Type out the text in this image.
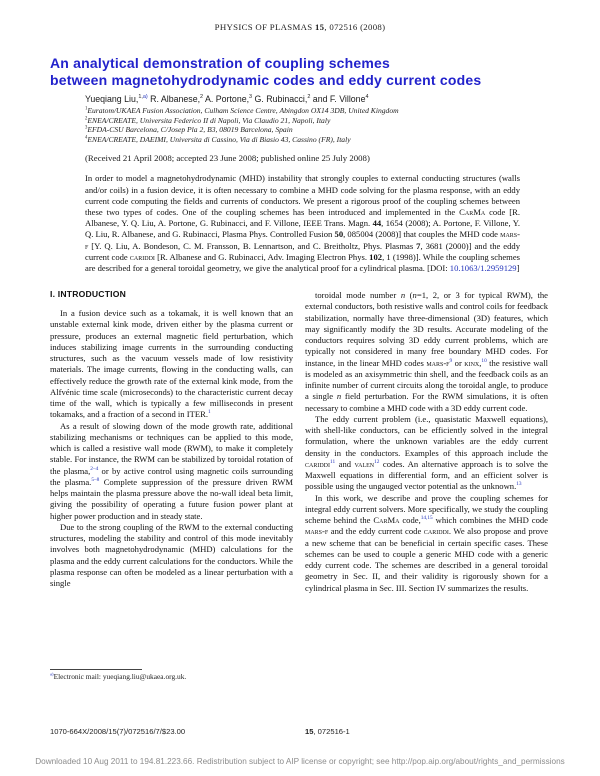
PHYSICS OF PLASMAS 15, 072516 (2008)
An analytical demonstration of coupling schemes
between magnetohydrodynamic codes and eddy current codes
Yueqiang Liu,$^{1,a)}$ R. Albanese,$^2$ A. Portone,$^3$ G. Rubinacci,$^2$ and F. Villone$^4$
$^1$Euratom/UKAEA Fusion Association, Culham Science Centre, Abingdon OX14 3DB, United Kingdom
$^2$ENEA/CREATE, Universita Federico II di Napoli, Via Claudio 21, Napoli, Italy
$^3$EFDA-CSU Barcelona, C/Josep Pla 2, B3, 08019 Barcelona, Spain
$^4$ENEA/CREATE, DAEIMI, Universita di Cassino, Via di Biasio 43, Cassino (FR), Italy
(Received 21 April 2008; accepted 23 June 2008; published online 25 July 2008)
In order to model a magnetohydrodynamic (MHD) instability that strongly couples to external conducting structures (walls and/or coils) in a fusion device, it is often necessary to combine a MHD code solving for the plasma response, with an eddy current code computing the fields and currents of conductors. We present a rigorous proof of the coupling schemes between these two types of codes. One of the coupling schemes has been introduced and implemented in the CarMa code [R. Albanese, Y. Q. Liu, A. Portone, G. Rubinacci, and F. Villone, IEEE Trans. Magn. 44, 1654 (2008); A. Portone, F. Villone, Y. Q. Liu, R. Albanese, and G. Rubinacci, Plasma Phys. Controlled Fusion 50, 085004 (2008)] that couples the MHD code mars-f [Y. Q. Liu, A. Bondeson, C. M. Fransson, B. Lennartson, and C. Breitholtz, Phys. Plasmas 7, 3681 (2000)] and the eddy current code cariddi [R. Albanese and G. Rubinacci, Adv. Imaging Electron Phys. 102, 1 (1998)]. While the coupling schemes are described for a general toroidal geometry, we give the analytical proof for a cylindrical plasma. [DOI: 10.1063/1.2959129]
I. INTRODUCTION

In a fusion device such as a tokamak, it is well known that an unstable external kink mode, driven either by the plasma current or pressure, produces an external magnetic field perturbation, which induces stabilizing image currents in the surrounding conducting structures, such as the vacuum vessels made of low resistivity materials. The image currents, flowing in the conducting walls, can effectively reduce the growth rate of the external kink mode, from the Alfvénic time scale (microseconds) to the characteristic current decay time of the wall, which is typically a few milliseconds in present tokamaks, and a fraction of a second in ITER.$^1$

As a result of slowing down of the mode growth rate, additional stabilizing mechanisms or techniques can be applied to this mode, which is called a resistive wall mode (RWM), to make it completely stable. For instance, the RWM can be stabilized by toroidal rotation of the plasma,$^{2-4}$ or by active control using magnetic coils surrounding the plasma.$^{5-8}$ Complete suppression of the pressure driven RWM helps maintain the plasma pressure above the no-wall ideal beta limit, giving the possibility of operating a future fusion power plant at higher power production and in steady state.

Due to the strong coupling of the RWM to the external conducting structures, modeling the stability and control of this mode inevitably involves both magnetohydrodynamic (MHD) calculations for the plasma and the eddy current calculations for the conductors. While the plasma response can often be modeled as a linear perturbation with a single

$^{a)}$Electronic mail: yueqiang.liu@ukaea.org.uk.

toroidal mode number n (n=1, 2, or 3 for typical RWM), the external conductors, both resistive walls and control coils for feedback stabilization, normally have three-dimensional (3D) features, which may significantly modify the 3D results. Accurate modeling of the conductors requires solving 3D eddy current problems, which are typically not considered in many free boundary MHD codes. For instance, in the linear MHD codes mars-$f^9$ or kinx,$^{10}$ the resistive wall is modeled as an axisymmetric thin shell, and the feedback coils as an infinite number of current circuits along the toroidal angle, to produce a single n field perturbation. For the RWM simulations, it is often necessary to combine a MHD code with a 3D eddy current code.

The eddy current problem (i.e., quasistatic Maxwell equations), with shell-like conductors, can be efficiently solved in the integral formulation, where the unknown variables are the eddy current density in the conductors. Examples of this approach include the cariddi$^{11}$ and valen$^{12}$ codes. An alternative approach is to solve the Maxwell equations in differential form, and an efficient solver is possible using the ungauged vector potential as the unknown.$^{13}$

In this work, we describe and prove the coupling schemes for integral eddy current solvers. More specifically, we study the coupling scheme behind the CarMa code,$^{14,15}$ which combines the MHD code mars-f and the eddy current code cariddi. We also propose and prove a new scheme that can be beneficial in certain specific cases. These schemes can be used to couple a generic MHD code with a generic eddy current code. The schemes are described in a general toroidal geometry in Sec. II, and their validity is rigorously shown for a cylindrical plasma in Sec. III. Section IV summarizes the results.

1070-664X/2008/15(7)/072516/7/$23.00	15, 072516-1
Downloaded 10 Aug 2011 to 194.81.223.66. Redistribution subject to AIP license or copyright; see http://pop.aip.org/about/rights_and_permissions
